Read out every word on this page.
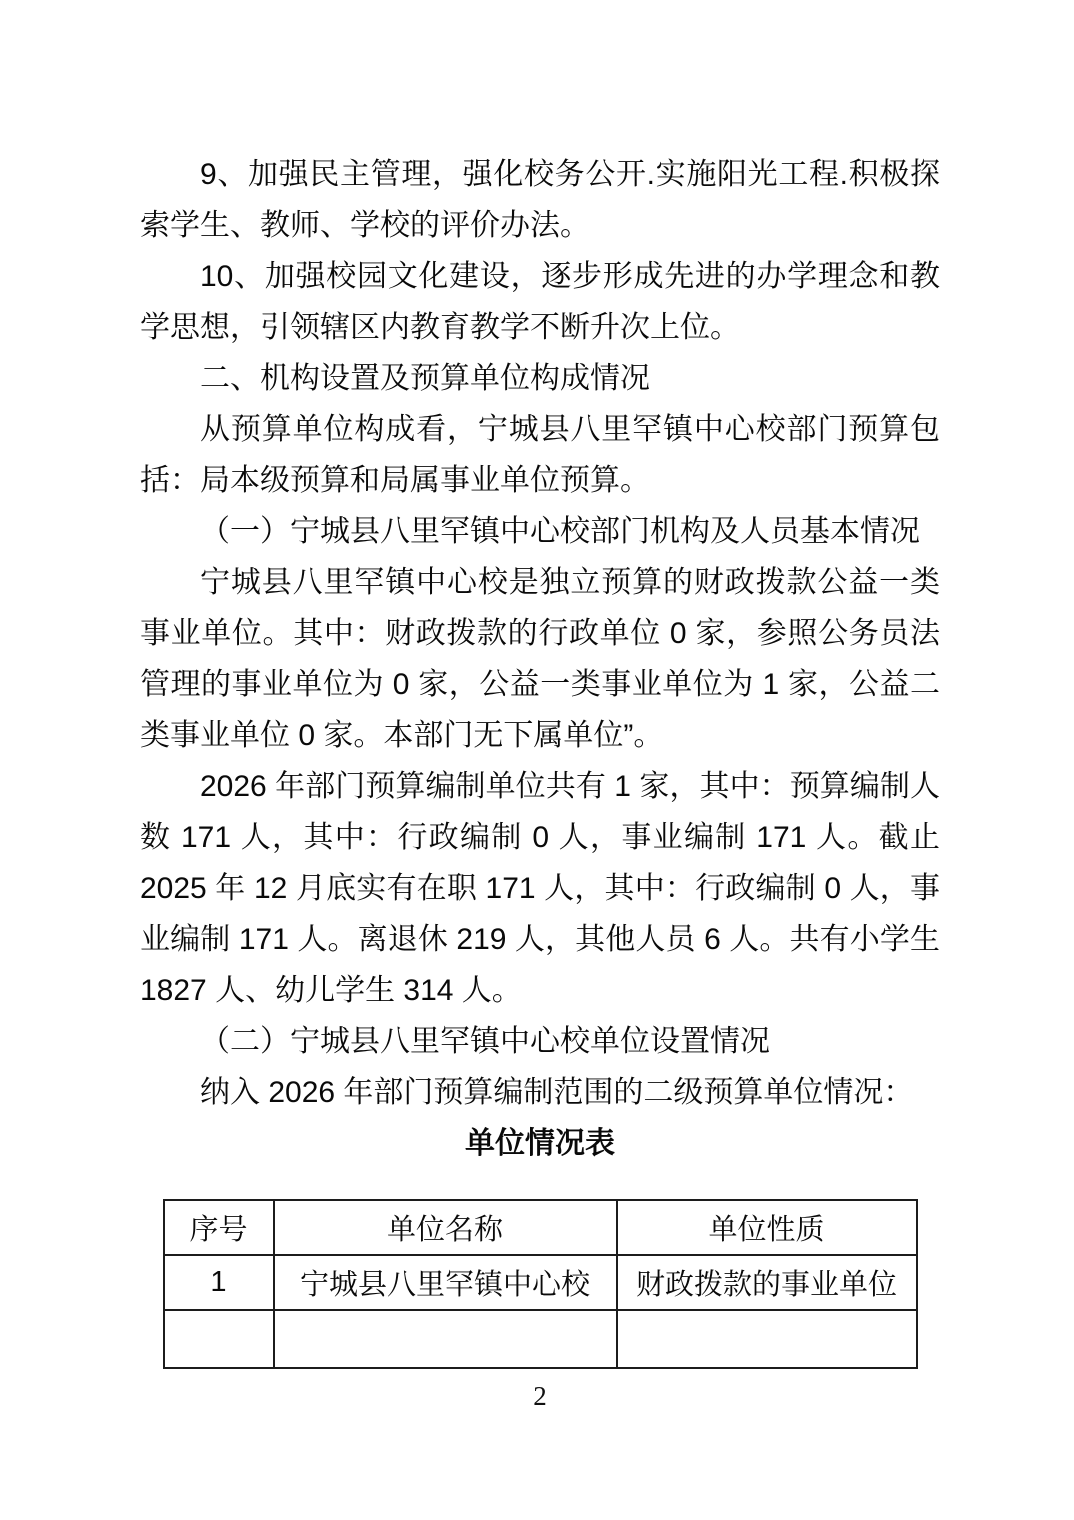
9、加强民主管理，强化校务公开.实施阳光工程.积极探索学生、教师、学校的评价办法。

10、加强校园文化建设，逐步形成先进的办学理念和教学思想，引领辖区内教育教学不断升次上位。

二、机构设置及预算单位构成情况

从预算单位构成看，宁城县八里罕镇中心校部门预算包括：局本级预算和局属事业单位预算。

（一）宁城县八里罕镇中心校部门机构及人员基本情况

宁城县八里罕镇中心校是独立预算的财政拨款公益一类事业单位。其中：财政拨款的行政单位 0 家，参照公务员法管理的事业单位为 0 家，公益一类事业单位为 1 家，公益二类事业单位 0 家。本部门无下属单位”。

2026 年部门预算编制单位共有 1 家，其中：预算编制人数 171 人，其中：行政编制 0 人，事业编制 171 人。截止 2025 年 12 月底实有在职 171 人，其中：行政编制 0 人，事业编制 171 人。离退休 219 人，其他人员 6 人。共有小学生 1827 人、幼儿学生 314 人。

（二）宁城县八里罕镇中心校单位设置情况

纳入 2026 年部门预算编制范围的二级预算单位情况：

单位情况表
序号	单位名称	单位性质
1	宁城县八里罕镇中心校	财政拨款的事业单位

2
